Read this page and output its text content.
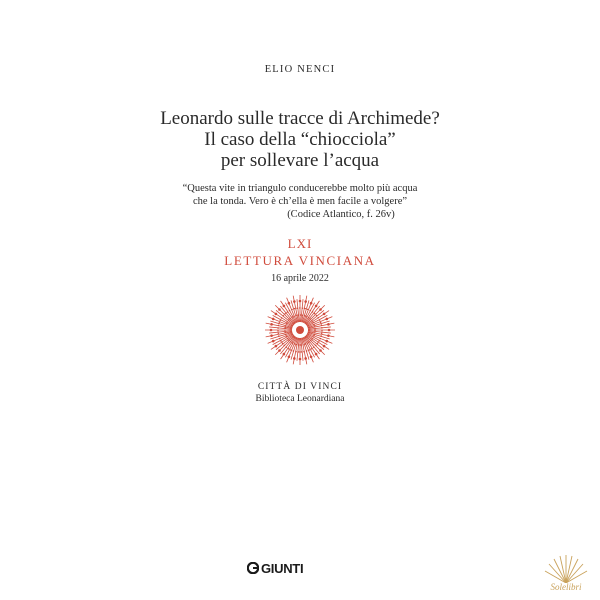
ELIO NENCI
Leonardo sulle tracce di Archimede?
Il caso della “chiocciola”
per sollevare l’acqua
“Questa vite in triangulo conducerebbe molto più acqua
che la tonda. Vero è ch’ella è men facile a volgere”
(Codice Atlantico, f. 26v)
LXI
LETTURA VINCIANA
16 aprile 2022
CITTÀ DI VINCI
Biblioteca Leonardiana
GIUNTI
Solelibri
